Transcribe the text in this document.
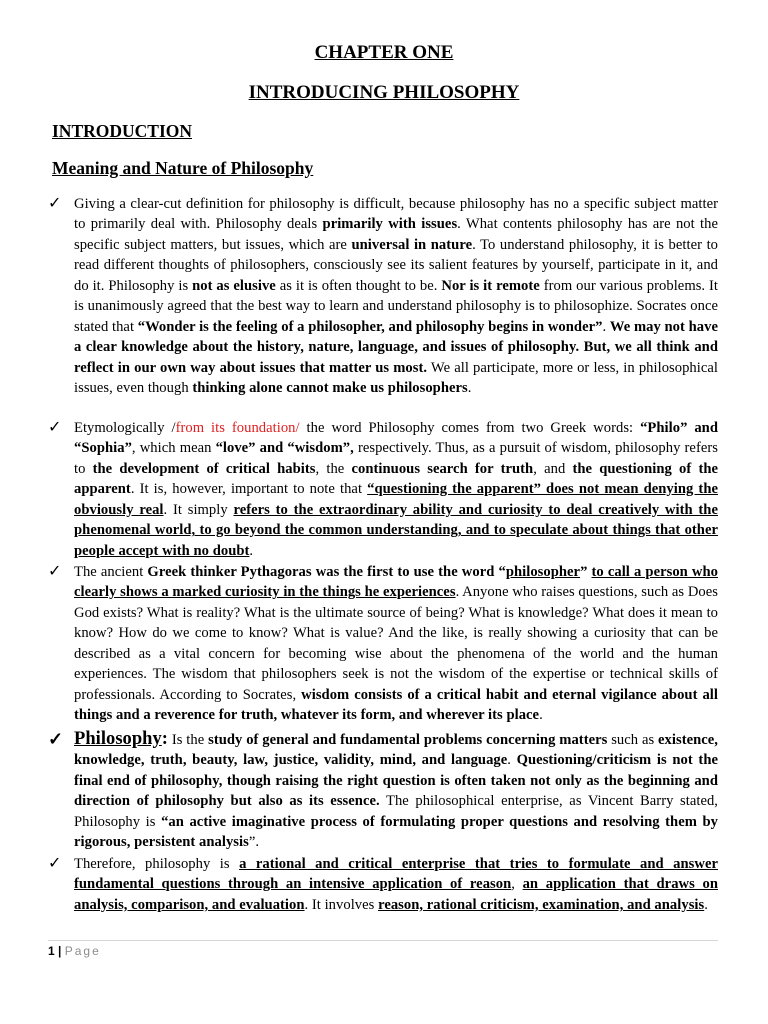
CHAPTER ONE
INTRODUCING PHILOSOPHY
INTRODUCTION
Meaning and Nature of Philosophy
✓ Giving a clear-cut definition for philosophy is difficult, because philosophy has no a specific subject matter to primarily deal with. Philosophy deals primarily with issues. What contents philosophy has are not the specific subject matters, but issues, which are universal in nature. To understand philosophy, it is better to read different thoughts of philosophers, consciously see its salient features by yourself, participate in it, and do it. Philosophy is not as elusive as it is often thought to be. Nor is it remote from our various problems. It is unanimously agreed that the best way to learn and understand philosophy is to philosophize. Socrates once stated that “Wonder is the feeling of a philosopher, and philosophy begins in wonder”. We may not have a clear knowledge about the history, nature, language, and issues of philosophy. But, we all think and reflect in our own way about issues that matter us most. We all participate, more or less, in philosophical issues, even though thinking alone cannot make us philosophers.
✓ Etymologically /from its foundation/ the word Philosophy comes from two Greek words: “Philo” and “Sophia”, which mean “love” and “wisdom”, respectively. Thus, as a pursuit of wisdom, philosophy refers to the development of critical habits, the continuous search for truth, and the questioning of the apparent. It is, however, important to note that “questioning the apparent” does not mean denying the obviously real. It simply refers to the extraordinary ability and curiosity to deal creatively with the phenomenal world, to go beyond the common understanding, and to speculate about things that other people accept with no doubt.
✓ The ancient Greek thinker Pythagoras was the first to use the word “philosopher” to call a person who clearly shows a marked curiosity in the things he experiences. Anyone who raises questions, such as Does God exists? What is reality? What is the ultimate source of being? What is knowledge? What does it mean to know? How do we come to know? What is value? And the like, is really showing a curiosity that can be described as a vital concern for becoming wise about the phenomena of the world and the human experiences. The wisdom that philosophers seek is not the wisdom of the expertise or technical skills of professionals. According to Socrates, wisdom consists of a critical habit and eternal vigilance about all things and a reverence for truth, whatever its form, and wherever its place.
✓ Philosophy: Is the study of general and fundamental problems concerning matters such as existence, knowledge, truth, beauty, law, justice, validity, mind, and language. Questioning/criticism is not the final end of philosophy, though raising the right question is often taken not only as the beginning and direction of philosophy but also as its essence. The philosophical enterprise, as Vincent Barry stated, Philosophy is “an active imaginative process of formulating proper questions and resolving them by rigorous, persistent analysis”.
✓ Therefore, philosophy is a rational and critical enterprise that tries to formulate and answer fundamental questions through an intensive application of reason, an application that draws on analysis, comparison, and evaluation. It involves reason, rational criticism, examination, and analysis.
1 | Page
